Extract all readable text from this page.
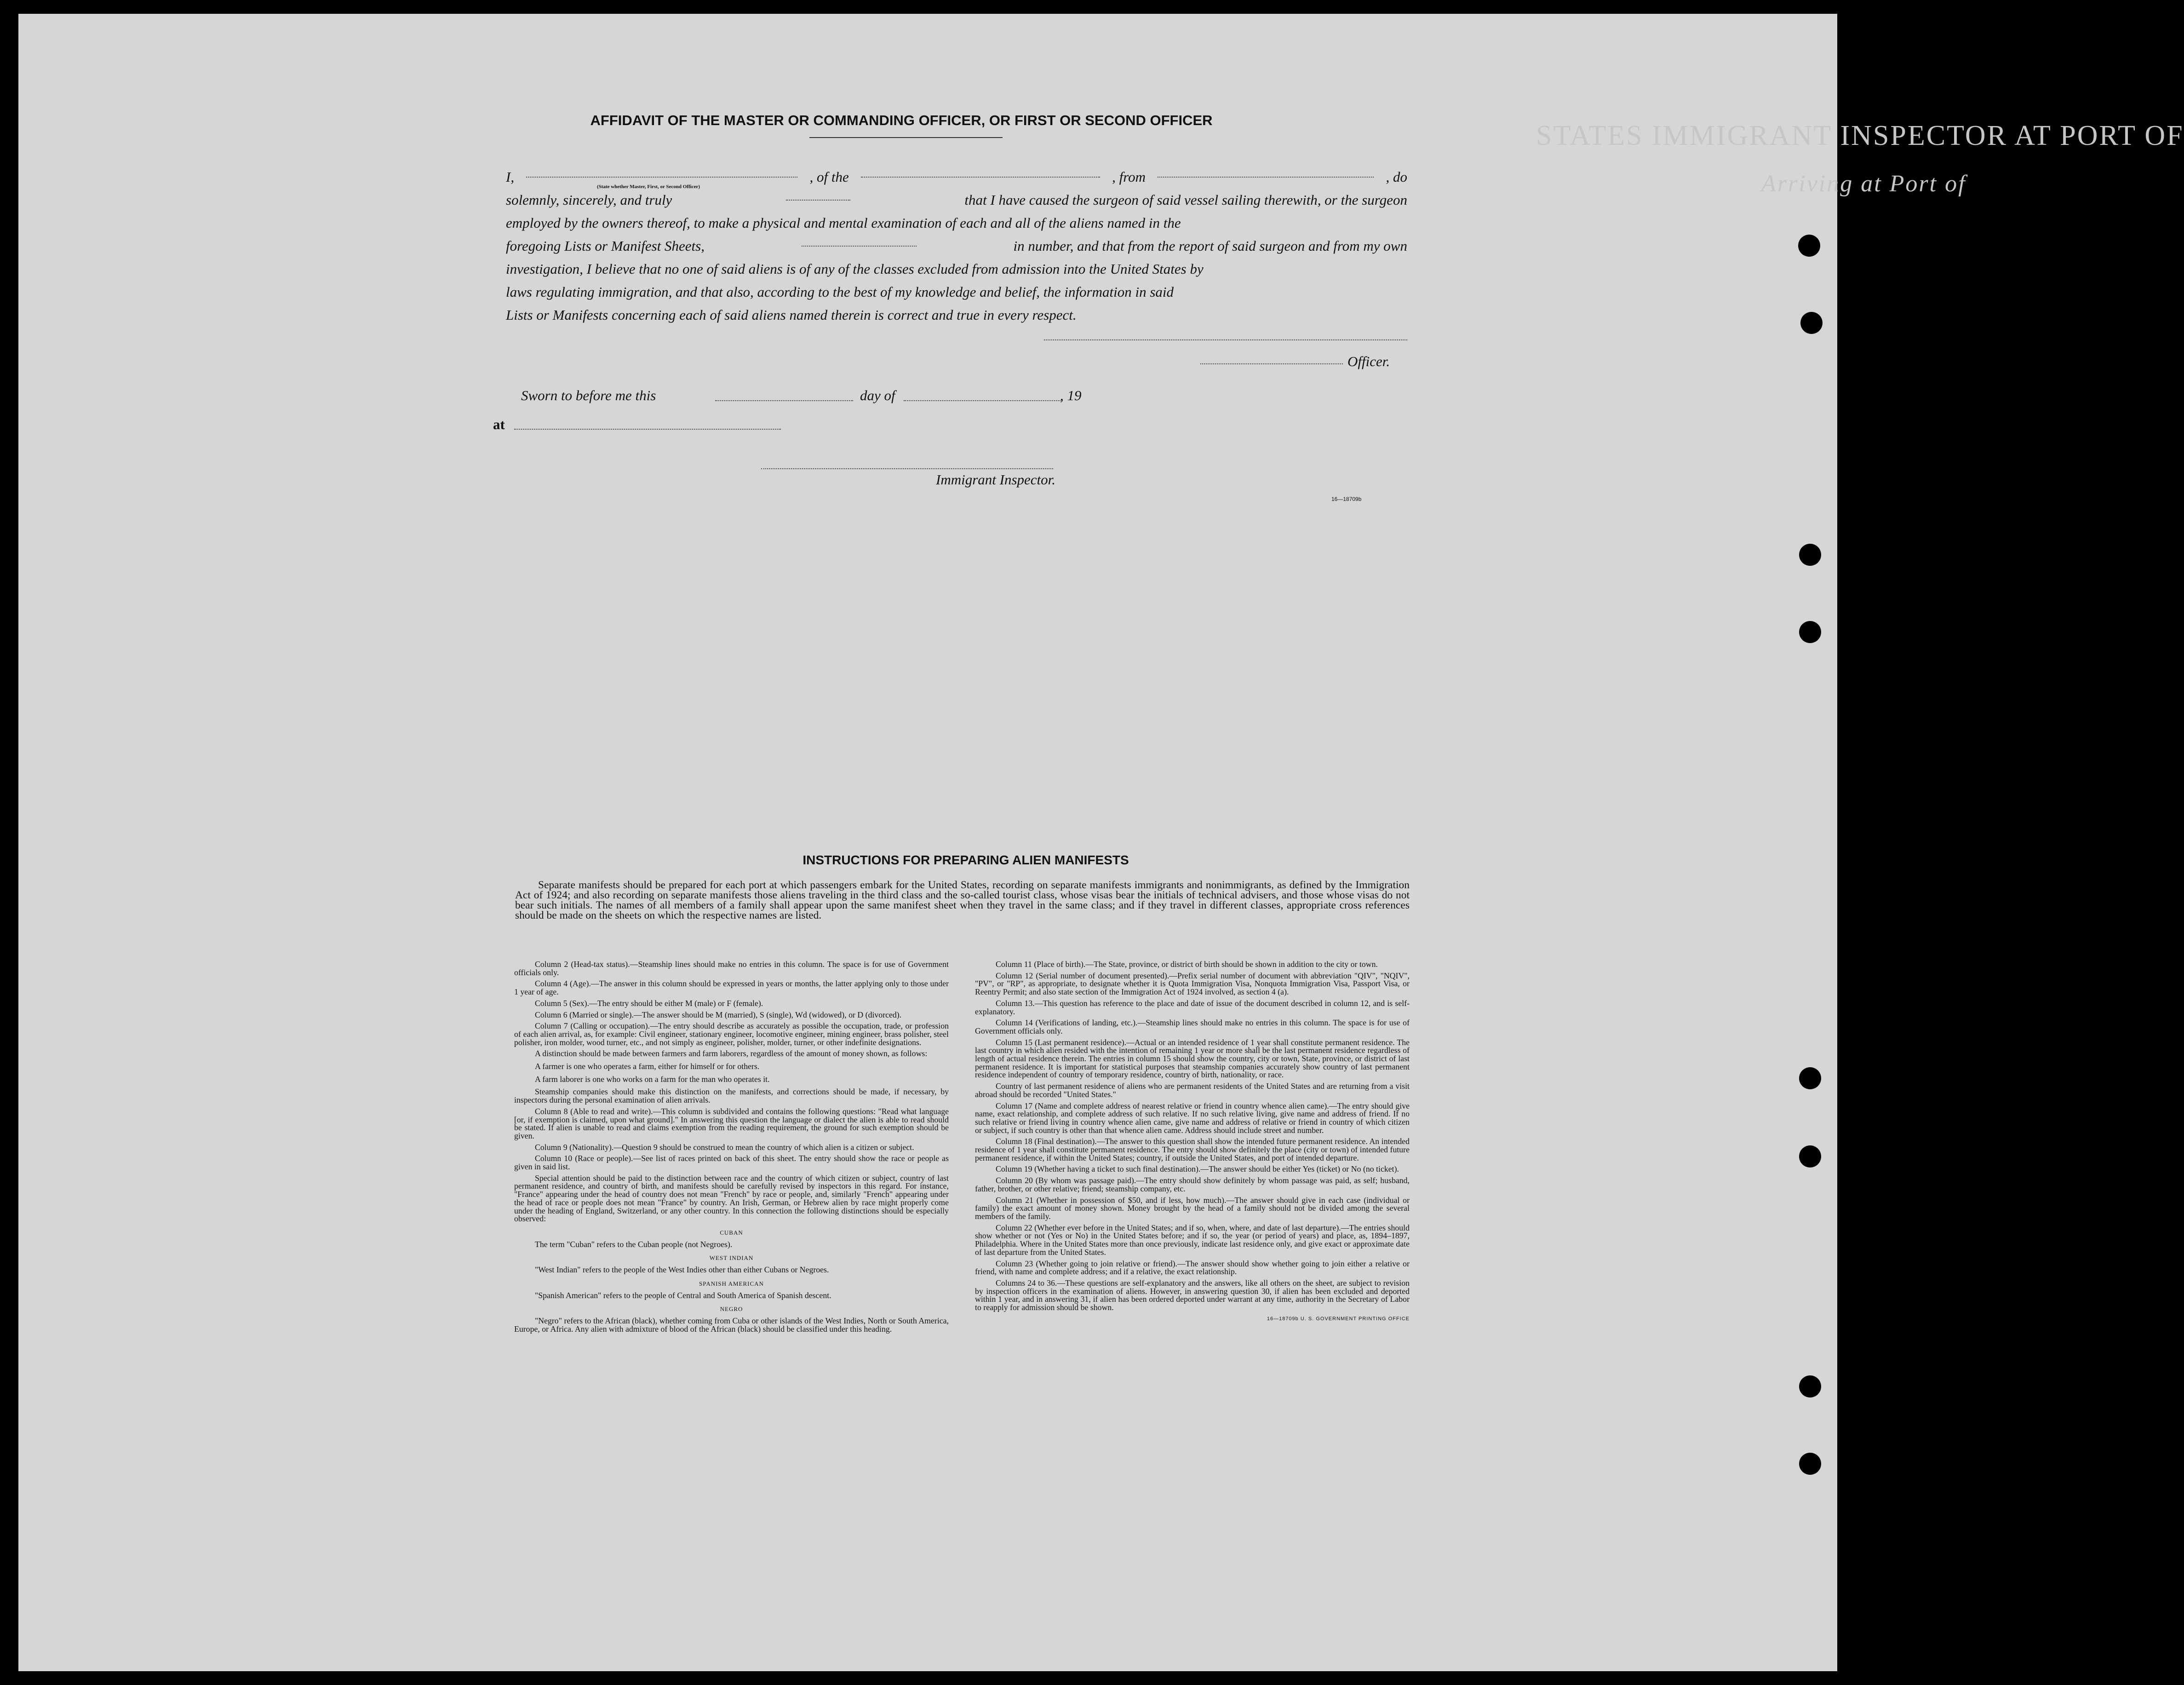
STATES IMMIGRANT INSPECTOR AT PORT OF
Arriving at Port of
AFFIDAVIT OF THE MASTER OR COMMANDING OFFICER, OR FIRST OR SECOND OFFICER
I,	, of the	, from	, do
solemnly, sincerely, and truly	that I have caused the surgeon of said vessel sailing therewith, or the surgeon
employed by the owners thereof, to make a physical and mental examination of each and all of the aliens named in the
foregoing Lists or Manifest Sheets,	in number, and that from the report of said surgeon and from my own
investigation, I believe that no one of said aliens is of any of the classes excluded from admission into the United States by
laws regulating immigration, and that also, according to the best of my knowledge and belief, the information in said
Lists or Manifests concerning each of said aliens named therein is correct and true in every respect.
(State whether Master, First, or Second Officer)
Officer.
Sworn to before me this	day of	, 19
at
Immigrant Inspector.
16—18709b
INSTRUCTIONS FOR PREPARING ALIEN MANIFESTS

Separate manifests should be prepared for each port at which passengers embark for the United States, recording on separate manifests immigrants and nonimmigrants, as defined by the Immigration Act of 1924; and also recording on separate manifests those aliens traveling in the third class and the so-called tourist class, whose visas bear the initials of technical advisers, and those whose visas do not bear such initials. The names of all members of a family shall appear upon the same manifest sheet when they travel in the same class; and if they travel in different classes, appropriate cross references should be made on the sheets on which the respective names are listed.

Column 2 (Head-tax status).—Steamship lines should make no entries in this column. The space is for use of Government officials only.

Column 4 (Age).—The answer in this column should be expressed in years or months, the latter applying only to those under 1 year of age.

Column 5 (Sex).—The entry should be either M (male) or F (female).

Column 6 (Married or single).—The answer should be M (married), S (single), Wd (widowed), or D (divorced).

Column 7 (Calling or occupation).—The entry should describe as accurately as possible the occupation, trade, or profession of each alien arrival, as, for example: Civil engineer, stationary engineer, locomotive engineer, mining engineer, brass polisher, steel polisher, iron molder, wood turner, etc., and not simply as engineer, polisher, molder, turner, or other indefinite designations.

A distinction should be made between farmers and farm laborers, regardless of the amount of money shown, as follows:

A farmer is one who operates a farm, either for himself or for others.

A farm laborer is one who works on a farm for the man who operates it.

Steamship companies should make this distinction on the manifests, and corrections should be made, if necessary, by inspectors during the personal examination of alien arrivals.

Column 8 (Able to read and write).—This column is subdivided and contains the following questions: "Read what language [or, if exemption is claimed, upon what ground]." In answering this question the language or dialect the alien is able to read should be stated. If alien is unable to read and claims exemption from the reading requirement, the ground for such exemption should be given.

Column 9 (Nationality).—Question 9 should be construed to mean the country of which alien is a citizen or subject.

Column 10 (Race or people).—See list of races printed on back of this sheet. The entry should show the race or people as given in said list.

Special attention should be paid to the distinction between race and the country of which citizen or subject, country of last permanent residence, and country of birth, and manifests should be carefully revised by inspectors in this regard. For instance, "France" appearing under the head of country does not mean "French" by race or people, and, similarly "French" appearing under the head of race or people does not mean "France" by country. An Irish, German, or Hebrew alien by race might properly come under the heading of England, Switzerland, or any other country. In this connection the following distinctions should be especially observed:

CUBAN

The term "Cuban" refers to the Cuban people (not Negroes).

WEST INDIAN

"West Indian" refers to the people of the West Indies other than either Cubans or Negroes.

SPANISH AMERICAN

"Spanish American" refers to the people of Central and South America of Spanish descent.

NEGRO

"Negro" refers to the African (black), whether coming from Cuba or other islands of the West Indies, North or South America, Europe, or Africa. Any alien with admixture of blood of the African (black) should be classified under this heading.

Column 11 (Place of birth).—The State, province, or district of birth should be shown in addition to the city or town.

Column 12 (Serial number of document presented).—Prefix serial number of document with abbreviation "QIV", "NQIV", "PV", or "RP", as appropriate, to designate whether it is Quota Immigration Visa, Nonquota Immigration Visa, Passport Visa, or Reentry Permit; and also state section of the Immigration Act of 1924 involved, as section 4 (a).

Column 13.—This question has reference to the place and date of issue of the document described in column 12, and is self-explanatory.

Column 14 (Verifications of landing, etc.).—Steamship lines should make no entries in this column. The space is for use of Government officials only.

Column 15 (Last permanent residence).—Actual or an intended residence of 1 year shall constitute permanent residence. The last country in which alien resided with the intention of remaining 1 year or more shall be the last permanent residence regardless of length of actual residence therein. The entries in column 15 should show the country, city or town, State, province, or district of last permanent residence. It is important for statistical purposes that steamship companies accurately show country of last permanent residence independent of country of temporary residence, country of birth, nationality, or race.

Country of last permanent residence of aliens who are permanent residents of the United States and are returning from a visit abroad should be recorded "United States."

Column 17 (Name and complete address of nearest relative or friend in country whence alien came).—The entry should give name, exact relationship, and complete address of such relative. If no such relative living, give name and address of friend. If no such relative or friend living in country whence alien came, give name and address of relative or friend in country of which citizen or subject, if such country is other than that whence alien came. Address should include street and number.

Column 18 (Final destination).—The answer to this question shall show the intended future permanent residence. An intended residence of 1 year shall constitute permanent residence. The entry should show definitely the place (city or town) of intended future permanent residence, if within the United States; country, if outside the United States, and port of intended departure.

Column 19 (Whether having a ticket to such final destination).—The answer should be either Yes (ticket) or No (no ticket).

Column 20 (By whom was passage paid).—The entry should show definitely by whom passage was paid, as self; husband, father, brother, or other relative; friend; steamship company, etc.

Column 21 (Whether in possession of $50, and if less, how much).—The answer should give in each case (individual or family) the exact amount of money shown. Money brought by the head of a family should not be divided among the several members of the family.

Column 22 (Whether ever before in the United States; and if so, when, where, and date of last departure).—The entries should show whether or not (Yes or No) in the United States before; and if so, the year (or period of years) and place, as, 1894–1897, Philadelphia. Where in the United States more than once previously, indicate last residence only, and give exact or approximate date of last departure from the United States.

Column 23 (Whether going to join relative or friend).—The answer should show whether going to join either a relative or friend, with name and complete address; and if a relative, the exact relationship.

Columns 24 to 36.—These questions are self-explanatory and the answers, like all others on the sheet, are subject to revision by inspection officers in the examination of aliens. However, in answering question 30, if alien has been excluded and deported within 1 year, and in answering 31, if alien has been ordered deported under warrant at any time, authority in the Secretary of Labor to reapply for admission should be shown.

16—18709b U. S. GOVERNMENT PRINTING OFFICE
